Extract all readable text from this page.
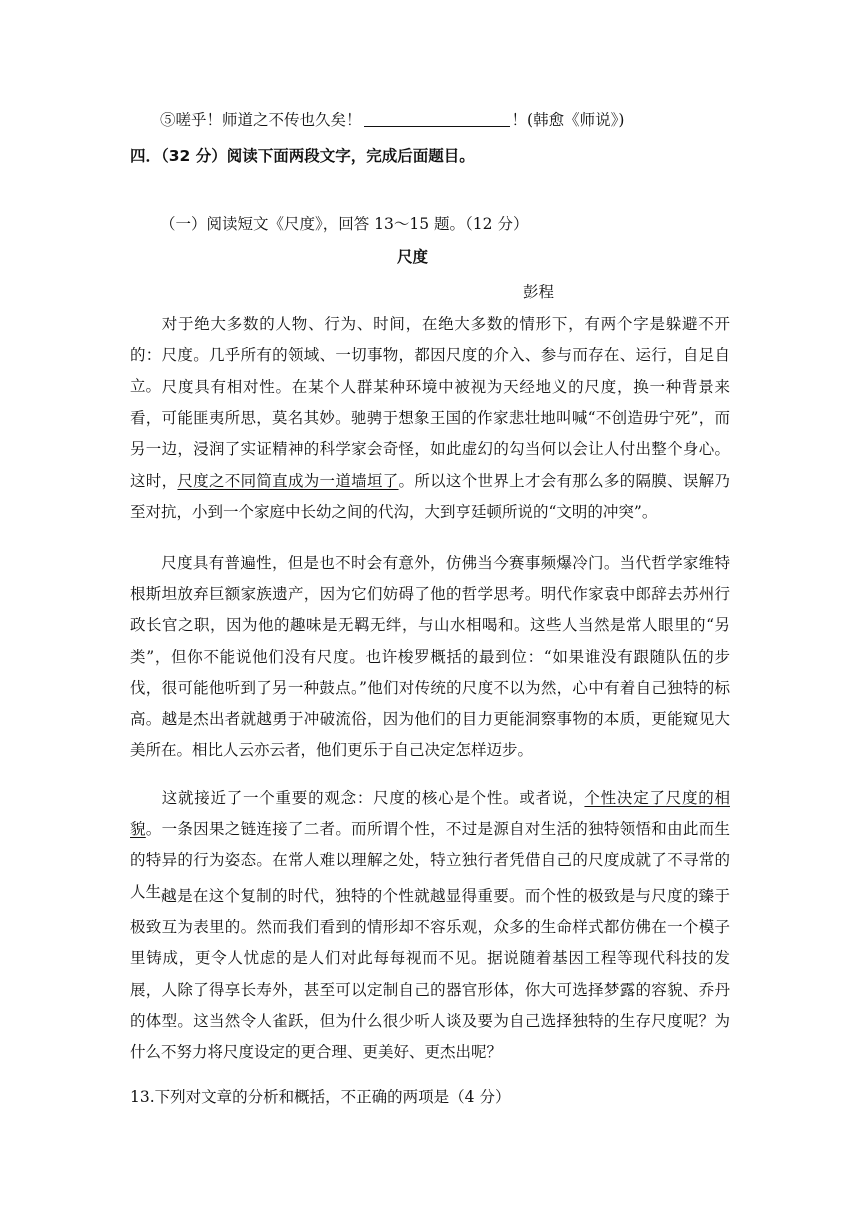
⑤嗟乎！师道之不传也久矣！	！(韩愈《师说》)
四．（32 分）阅读下面两段文字，完成后面题目。
（一）阅读短文《尺度》，回答 13～15 题。（12 分）
尺度
彭程
对于绝大多数的人物、行为、时间，在绝大多数的情形下，有两个字是躲避不开的：尺度。几乎所有的领域、一切事物，都因尺度的介入、参与而存在、运行，自足自立。 尺度具有相对性。在某个人群某种环境中被视为天经地义的尺度，换一种背景来看，可能匪夷所思，莫名其妙。驰骋于想象王国的作家悲壮地叫喊“不创造毋宁死”，而另一边，浸润了实证精神的科学家会奇怪，如此虚幻的勾当何以会让人付出整个身心。这时，尺度之不同简直成为一道墙垣了。所以这个世界上才会有那么多的隔膜、误解乃至对抗，小到一个家庭中长幼之间的代沟，大到亨廷顿所说的“文明的冲突”。
尺度具有普遍性，但是也不时会有意外，仿佛当今赛事频爆冷门。当代哲学家维特根斯坦放弃巨额家族遗产，因为它们妨碍了他的哲学思考。明代作家袁中郎辞去苏州行政长官之职，因为他的趣味是无羁无绊，与山水相喝和。这些人当然是常人眼里的“另类”，但你不能说他们没有尺度。也许梭罗概括的最到位：“如果谁没有跟随队伍的步伐，很可能他听到了另一种鼓点。”他们对传统的尺度不以为然，心中有着自己独特的标高。越是杰出者就越勇于冲破流俗，因为他们的目力更能洞察事物的本质，更能窥见大美所在。相比人云亦云者，他们更乐于自己决定怎样迈步。
这就接近了一个重要的观念：尺度的核心是个性。或者说，个性决定了尺度的相貌。一条因果之链连接了二者。而所谓个性，不过是源自对生活的独特领悟和由此而生的特异的行为姿态。在常人难以理解之处，特立独行者凭借自己的尺度成就了不寻常的人生。
越是在这个复制的时代，独特的个性就越显得重要。而个性的极致是与尺度的臻于极致互为表里的。然而我们看到的情形却不容乐观，众多的生命样式都仿佛在一个模子里铸成，更令人忧虑的是人们对此每每视而不见。据说随着基因工程等现代科技的发展，人除了得享长寿外，甚至可以定制自己的器官形体，你大可选择梦露的容貌、乔丹的体型。这当然令人雀跃，但为什么很少听人谈及要为自己选择独特的生存尺度呢？为什么不努力将尺度设定的更合理、更美好、更杰出呢？
13.下列对文章的分析和概括，不正确的两项是（4 分）
